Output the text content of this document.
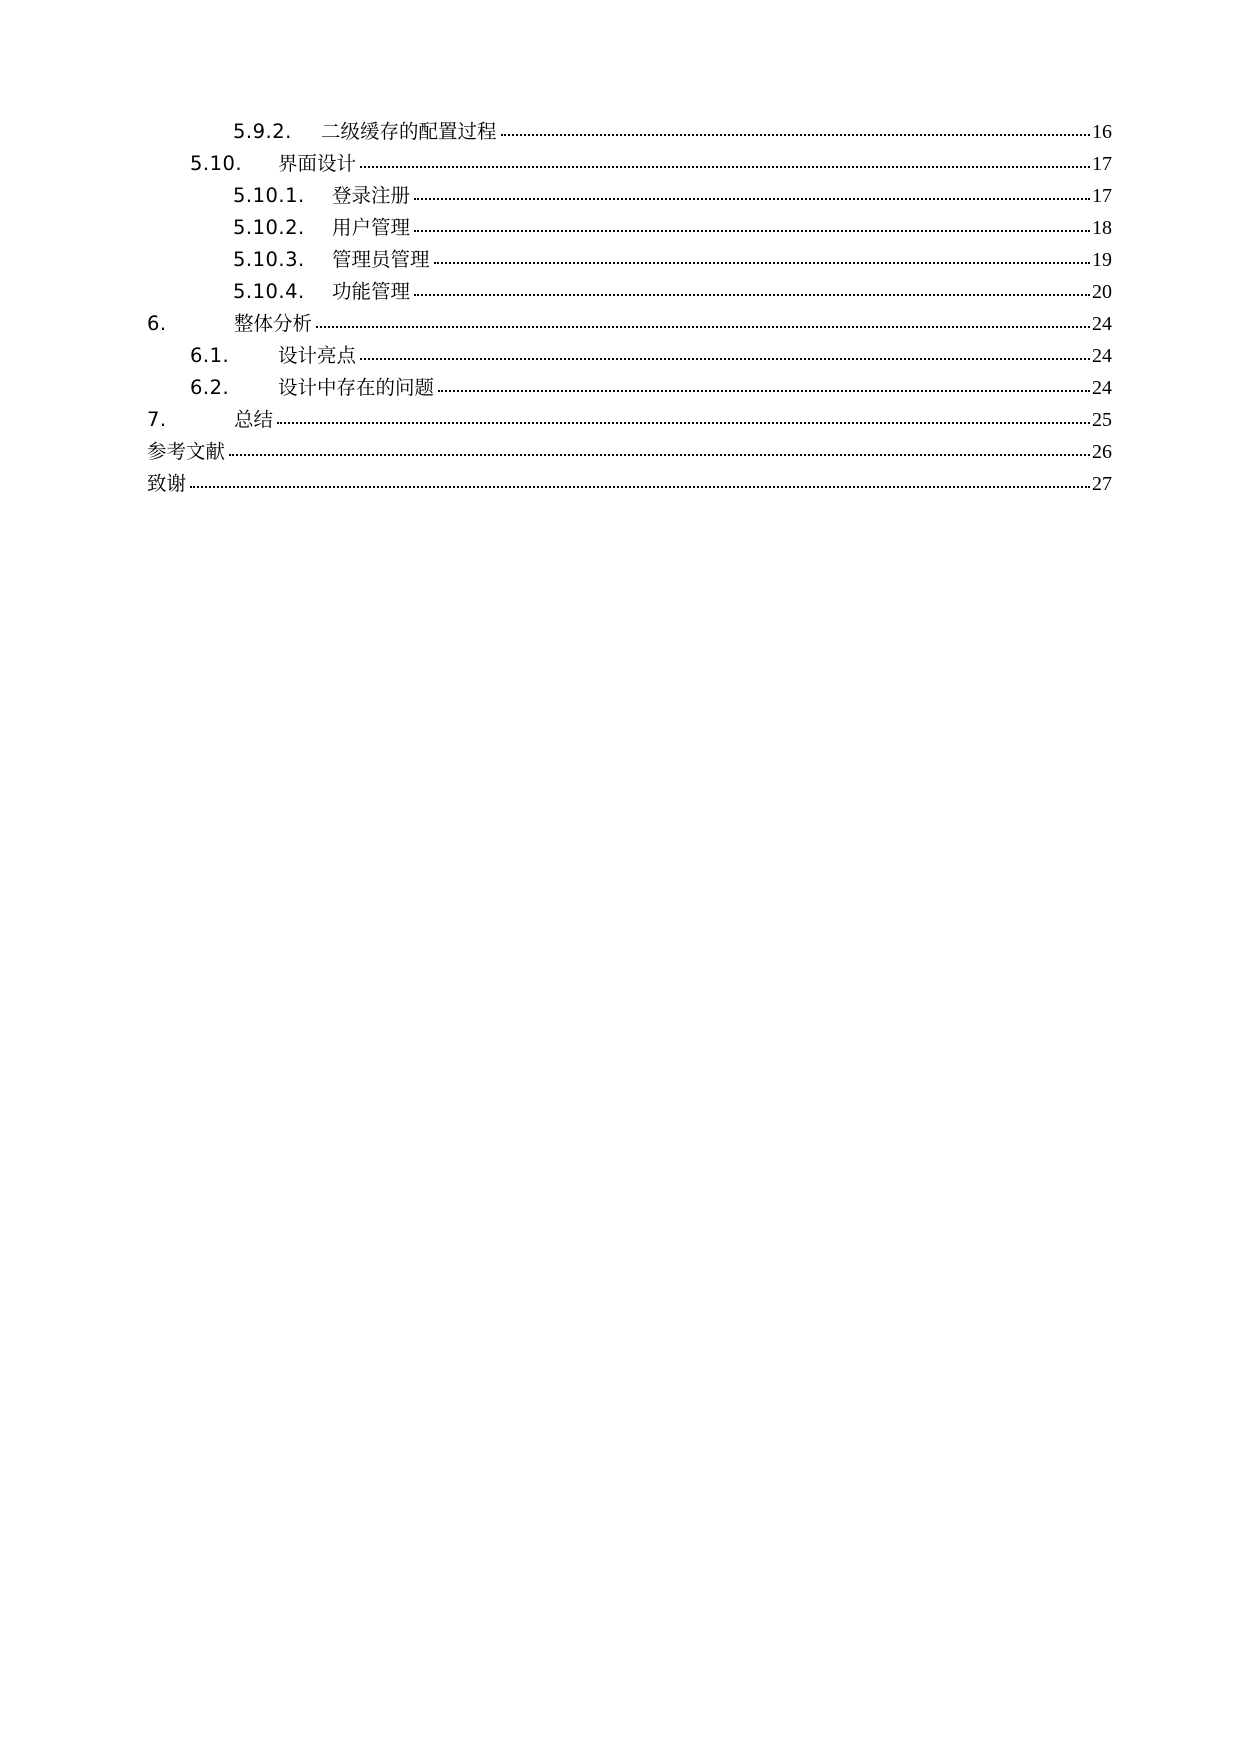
5.9.2.	二级缓存的配置过程	16
5.10.	界面设计	17
5.10.1.	登录注册	17
5.10.2.	用户管理	18
5.10.3.	管理员管理	19
5.10.4.	功能管理	20
6.	整体分析	24
6.1.	设计亮点	24
6.2.	设计中存在的问题	24
7.	总结	25
参考文献	26
致谢	27
